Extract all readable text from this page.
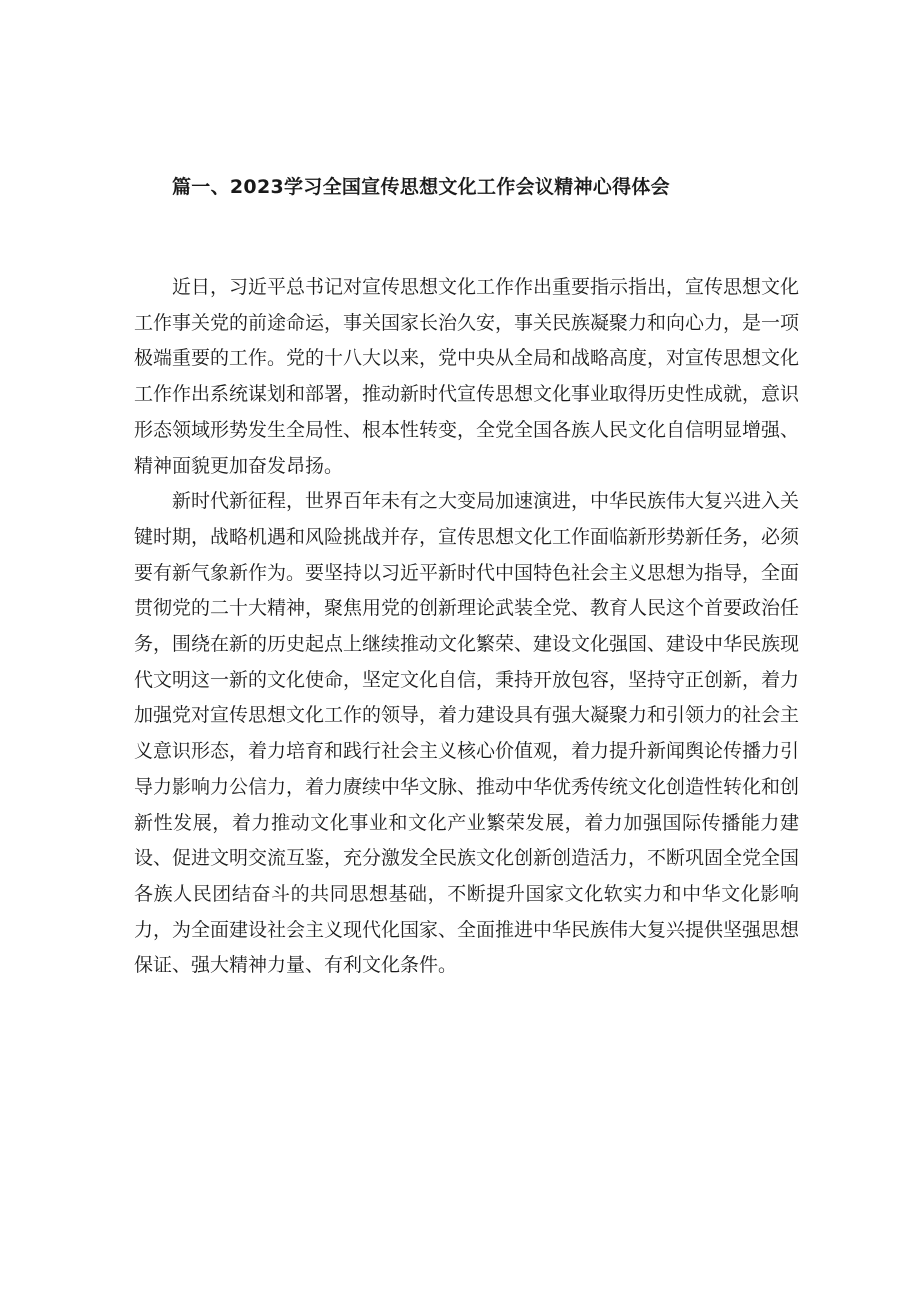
篇一、2023学习全国宣传思想文化工作会议精神心得体会

近日，习近平总书记对宣传思想文化工作作出重要指示指出，宣传思想文化工作事关党的前途命运，事关国家长治久安，事关民族凝聚力和向心力，是一项极端重要的工作。党的十八大以来，党中央从全局和战略高度，对宣传思想文化工作作出系统谋划和部署，推动新时代宣传思想文化事业取得历史性成就，意识形态领域形势发生全局性、根本性转变，全党全国各族人民文化自信明显增强、精神面貌更加奋发昂扬。

新时代新征程，世界百年未有之大变局加速演进，中华民族伟大复兴进入关键时期，战略机遇和风险挑战并存，宣传思想文化工作面临新形势新任务，必须要有新气象新作为。要坚持以习近平新时代中国特色社会主义思想为指导，全面贯彻党的二十大精神，聚焦用党的创新理论武装全党、教育人民这个首要政治任务，围绕在新的历史起点上继续推动文化繁荣、建设文化强国、建设中华民族现代文明这一新的文化使命，坚定文化自信，秉持开放包容，坚持守正创新，着力加强党对宣传思想文化工作的领导，着力建设具有强大凝聚力和引领力的社会主义意识形态，着力培育和践行社会主义核心价值观，着力提升新闻舆论传播力引导力影响力公信力，着力赓续中华文脉、推动中华优秀传统文化创造性转化和创新性发展，着力推动文化事业和文化产业繁荣发展，着力加强国际传播能力建设、促进文明交流互鉴，充分激发全民族文化创新创造活力，不断巩固全党全国各族人民团结奋斗的共同思想基础，不断提升国家文化软实力和中华文化影响力，为全面建设社会主义现代化国家、全面推进中华民族伟大复兴提供坚强思想保证、强大精神力量、有利文化条件。
